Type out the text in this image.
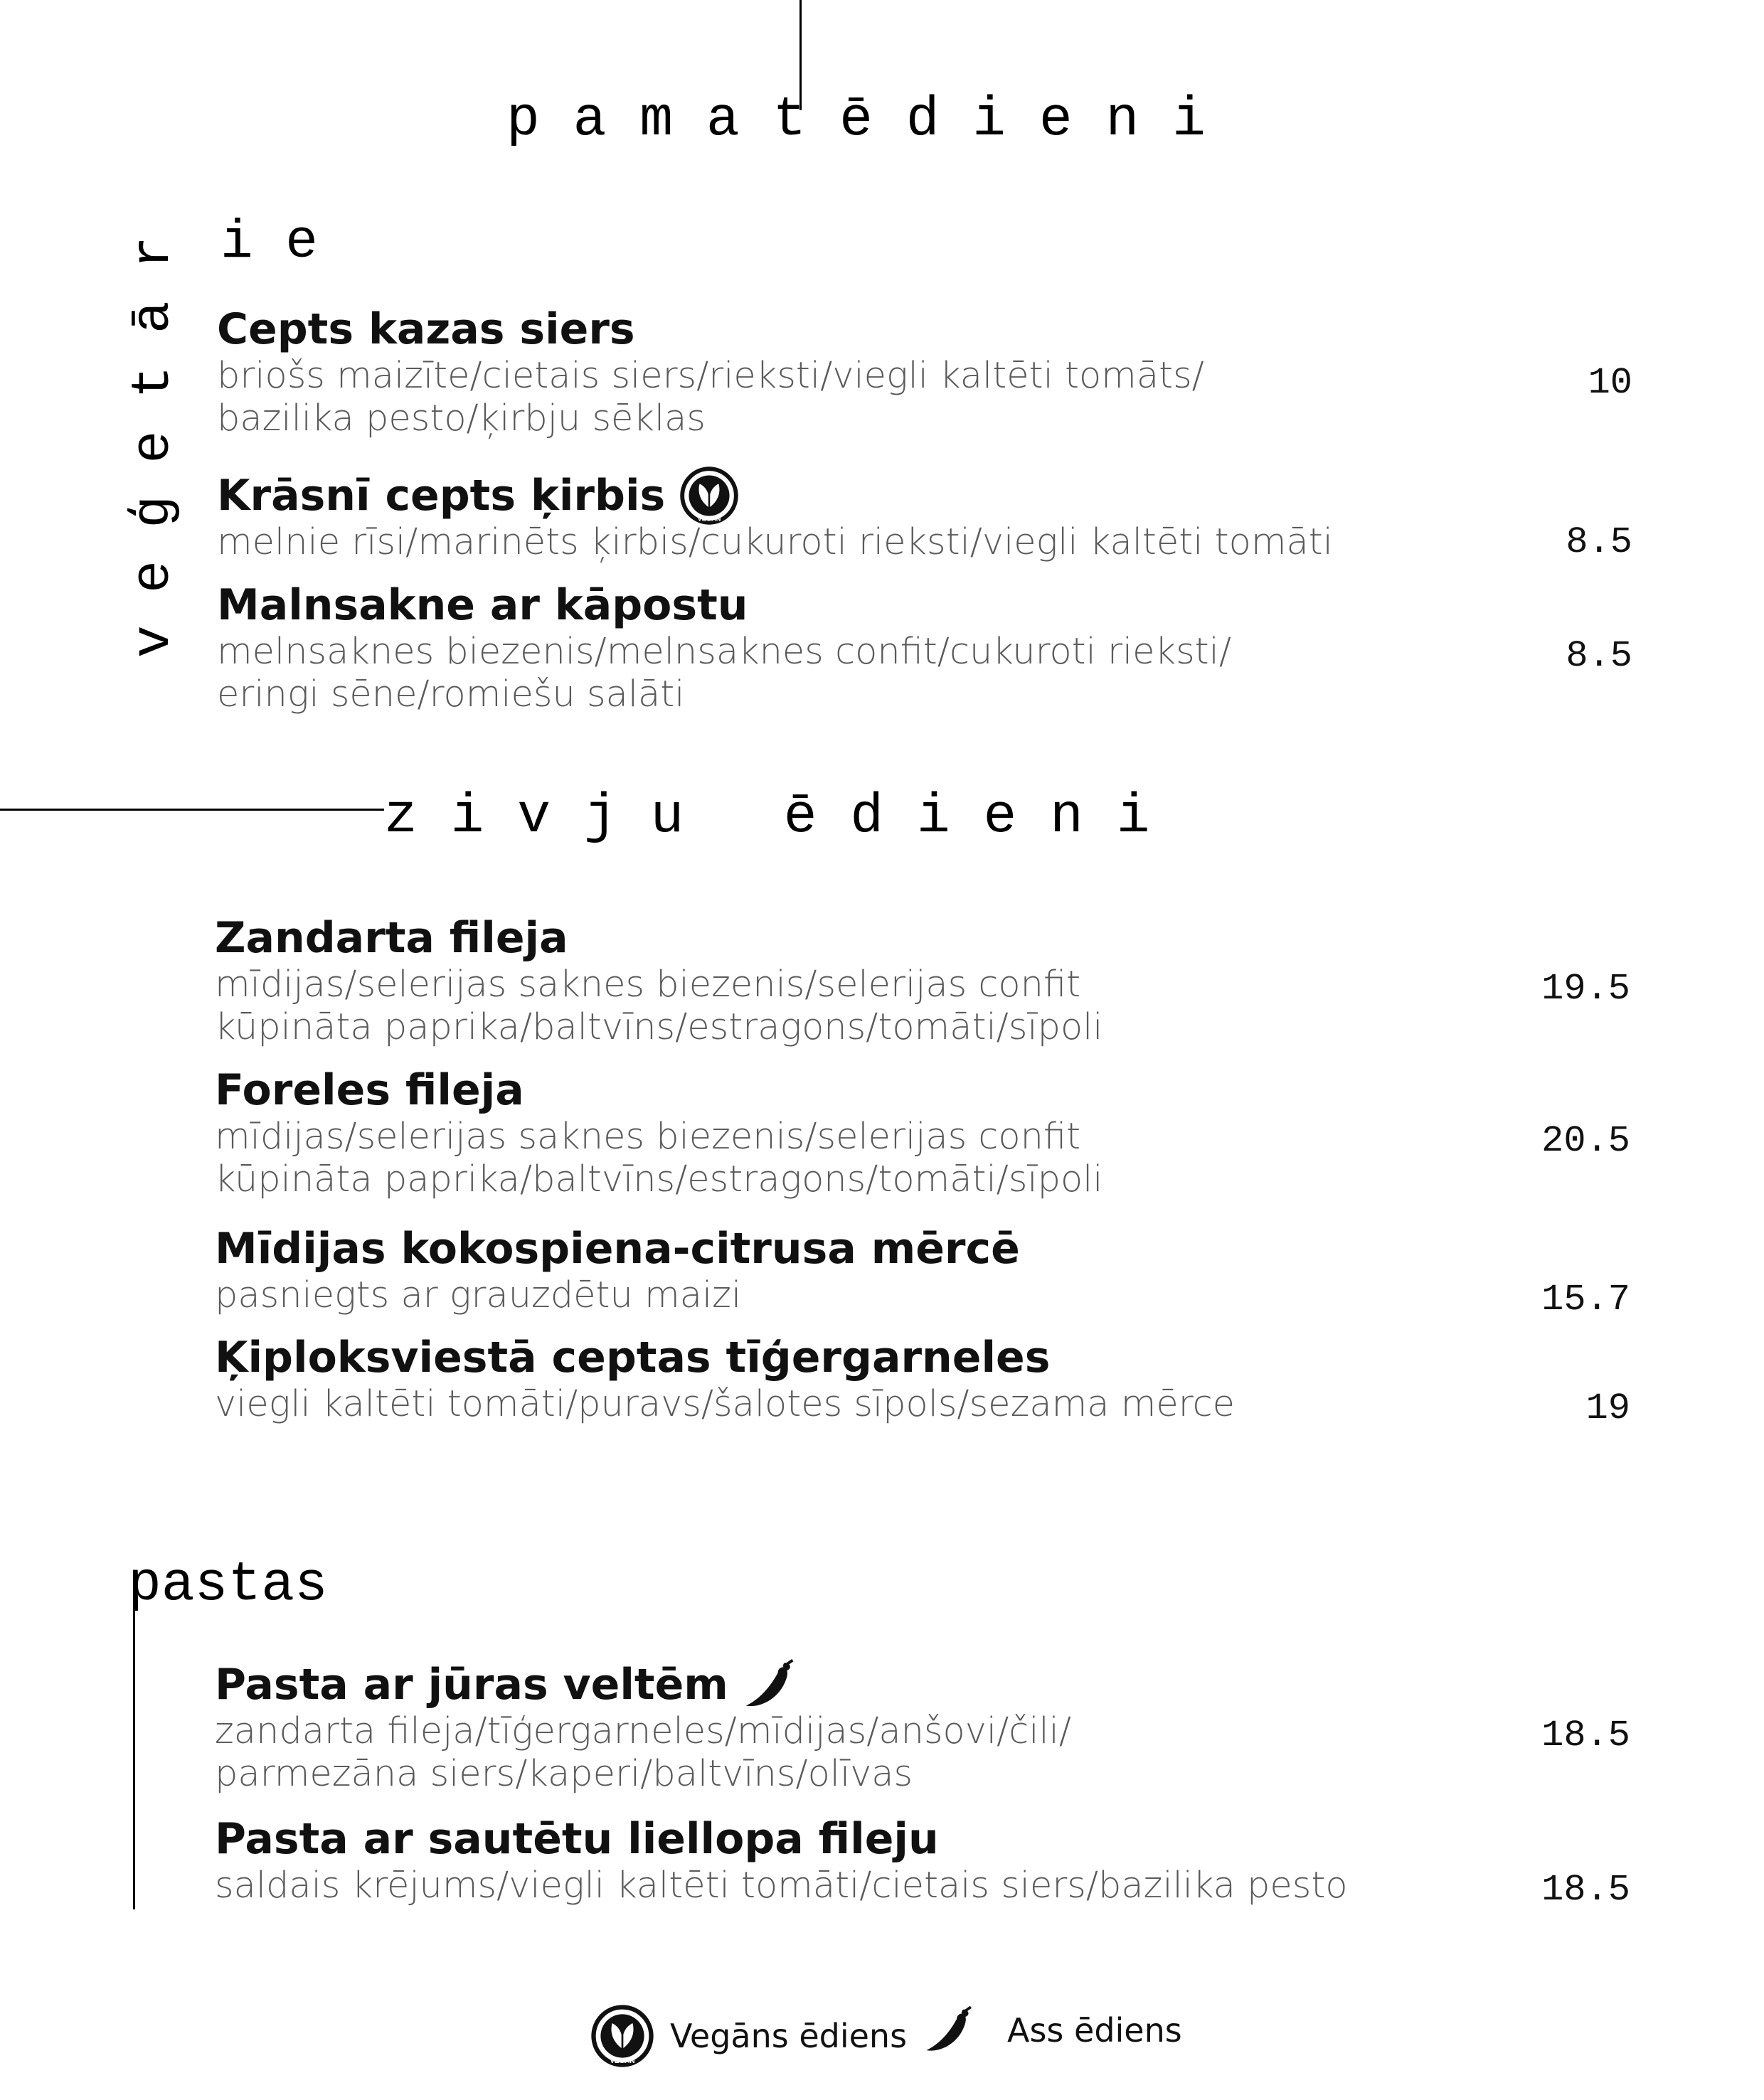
p a m a t ē d i e n i
v e ģ e t ā r i e
Cepts kazas siers
briošs maizīte/cietais siers/rieksti/viegli kaltēti tomāts/ bazilika pesto/ķirbju sēklas
10
Krāsnī cepts ķirbis
melnie rīsi/marinēts ķirbis/cukuroti rieksti/viegli kaltēti tomāti	8.5
Malnsakne ar kāpostu
melnsaknes biezenis/melnsaknes confit/cukuroti rieksti/ eringi sēne/romiešu salāti
8.5
z i v j u   ē d i e n i
Zandarta fileja
mīdijas/selerijas saknes biezenis/selerijas confit kūpināta paprika/baltvīns/estragons/tomāti/sīpoli
19.5
Foreles fileja
mīdijas/selerijas saknes biezenis/selerijas confit kūpināta paprika/baltvīns/estragons/tomāti/sīpoli
20.5
Mīdijas kokospiena-citrusa mērcē
pasniegts ar grauzdētu maizi	15.7
Ķiploksviestā ceptas tīģergarneles
viegli kaltēti tomāti/puravs/šalotes sīpols/sezama mērce	19
pastas
Pasta ar jūras veltēm
zandarta fileja/tīģergarneles/mīdijas/anšovi/čili/ parmezāna siers/kaperi/baltvīns/olīvas
18.5
Pasta ar sautētu liellopa fileju
saldais krējums/viegli kaltēti tomāti/cietais siers/bazilika pesto	18.5
Vegāns ēdiens	Ass ēdiens
